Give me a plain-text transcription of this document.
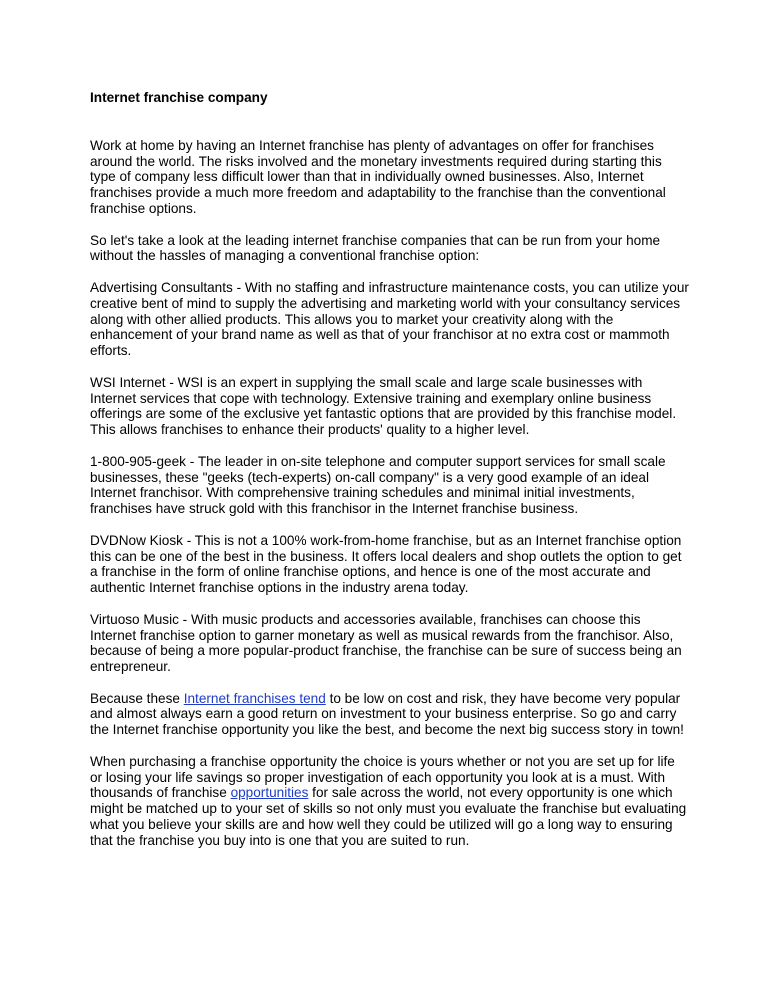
Internet franchise company

Work at home by having an Internet franchise has plenty of advantages on offer for franchises around the world. The risks involved and the monetary investments required during starting this type of company less difficult lower than that in individually owned businesses. Also, Internet franchises provide a much more freedom and adaptability to the franchise than the conventional franchise options.

So let's take a look at the leading internet franchise companies that can be run from your home without the hassles of managing a conventional franchise option:

Advertising Consultants - With no staffing and infrastructure maintenance costs, you can utilize your creative bent of mind to supply the advertising and marketing world with your consultancy services along with other allied products. This allows you to market your creativity along with the enhancement of your brand name as well as that of your franchisor at no extra cost or mammoth efforts.

WSI Internet - WSI is an expert in supplying the small scale and large scale businesses with Internet services that cope with technology. Extensive training and exemplary online business offerings are some of the exclusive yet fantastic options that are provided by this franchise model. This allows franchises to enhance their products' quality to a higher level.

1-800-905-geek - The leader in on-site telephone and computer support services for small scale businesses, these "geeks (tech-experts) on-call company" is a very good example of an ideal Internet franchisor. With comprehensive training schedules and minimal initial investments, franchises have struck gold with this franchisor in the Internet franchise business.

DVDNow Kiosk - This is not a 100% work-from-home franchise, but as an Internet franchise option this can be one of the best in the business. It offers local dealers and shop outlets the option to get a franchise in the form of online franchise options, and hence is one of the most accurate and authentic Internet franchise options in the industry arena today.

Virtuoso Music - With music products and accessories available, franchises can choose this Internet franchise option to garner monetary as well as musical rewards from the franchisor. Also, because of being a more popular-product franchise, the franchise can be sure of success being an entrepreneur.

Because these Internet franchises tend to be low on cost and risk, they have become very popular and almost always earn a good return on investment to your business enterprise. So go and carry the Internet franchise opportunity you like the best, and become the next big success story in town!

When purchasing a franchise opportunity the choice is yours whether or not you are set up for life or losing your life savings so proper investigation of each opportunity you look at is a must. With thousands of franchise opportunities for sale across the world, not every opportunity is one which might be matched up to your set of skills so not only must you evaluate the franchise but evaluating what you believe your skills are and how well they could be utilized will go a long way to ensuring that the franchise you buy into is one that you are suited to run.
